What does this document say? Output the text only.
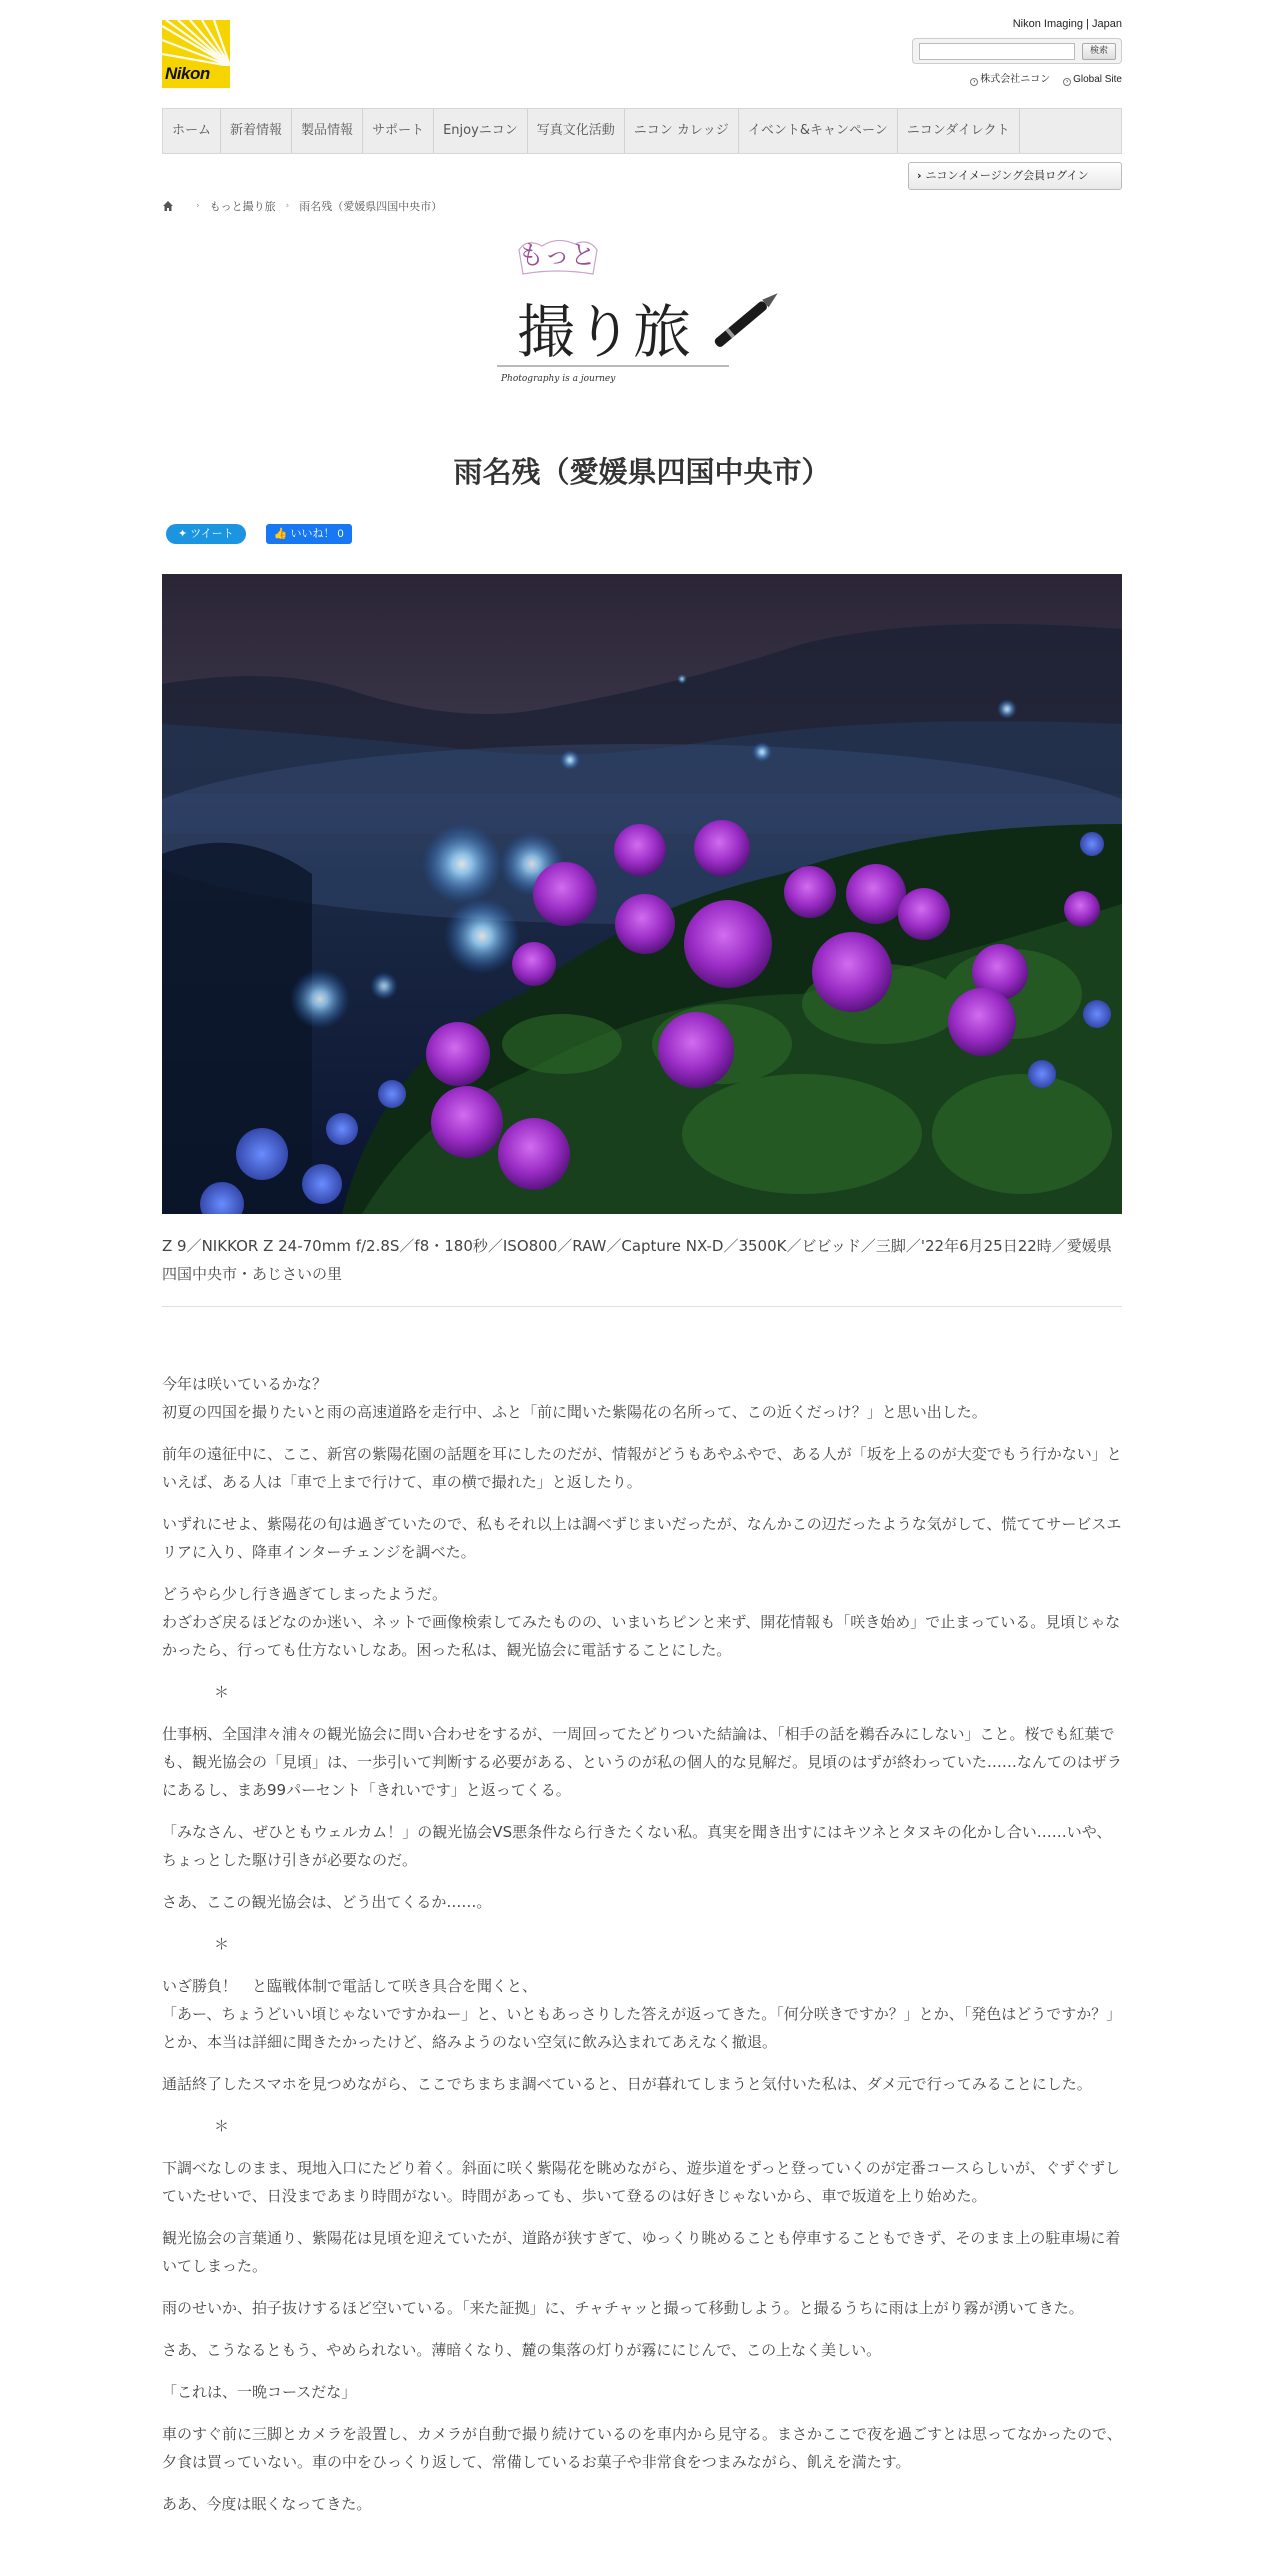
Nikon
Nikon Imaging | Japan
検索
› 株式会社ニコン	› Global Site
ホーム	新着情報	製品情報	サポート	Enjoyニコン	写真文化活動	ニコン カレッジ	イベント&キャンペーン	ニコンダイレクト
› ニコンイメージング会員ログイン
› もっと撮り旅 › 雨名残（愛媛県四国中央市）
もっと
撮り旅
Photography is a journey
雨名残（愛媛県四国中央市）
✦ ツイート	👍 いいね！ 0
Z 9／NIKKOR Z 24-70mm f/2.8S／f8・180秒／ISO800／RAW／Capture NX-D／3500K／ビビッド／三脚／'22年6月25日22時／愛媛県四国中央市・あじさいの里

今年は咲いているかな？
初夏の四国を撮りたいと雨の高速道路を走行中、ふと「前に聞いた紫陽花の名所って、この近くだっけ？」と思い出した。

前年の遠征中に、ここ、新宮の紫陽花園の話題を耳にしたのだが、情報がどうもあやふやで、ある人が「坂を上るのが大変でもう行かない」といえば、ある人は「車で上まで行けて、車の横で撮れた」と返したり。

いずれにせよ、紫陽花の旬は過ぎていたので、私もそれ以上は調べずじまいだったが、なんかこの辺だったような気がして、慌ててサービスエリアに入り、降車インターチェンジを調べた。

どうやら少し行き過ぎてしまったようだ。
わざわざ戻るほどなのか迷い、ネットで画像検索してみたものの、いまいちピンと来ず、開花情報も「咲き始め」で止まっている。見頃じゃなかったら、行っても仕方ないしなあ。困った私は、観光協会に電話することにした。

＊

仕事柄、全国津々浦々の観光協会に問い合わせをするが、一周回ってたどりついた結論は、「相手の話を鵜呑みにしない」こと。桜でも紅葉でも、観光協会の「見頃」は、一歩引いて判断する必要がある、というのが私の個人的な見解だ。見頃のはずが終わっていた……なんてのはザラにあるし、まあ99パーセント「きれいです」と返ってくる。

「みなさん、ぜひともウェルカム！」の観光協会VS悪条件なら行きたくない私。真実を聞き出すにはキツネとタヌキの化かし合い……いや、ちょっとした駆け引きが必要なのだ。

さあ、ここの観光協会は、どう出てくるか……。

＊

いざ勝負！　と臨戦体制で電話して咲き具合を聞くと、
「あー、ちょうどいい頃じゃないですかねー」と、いともあっさりした答えが返ってきた。「何分咲きですか？」とか、「発色はどうですか？」とか、本当は詳細に聞きたかったけど、絡みようのない空気に飲み込まれてあえなく撤退。

通話終了したスマホを見つめながら、ここでちまちま調べていると、日が暮れてしまうと気付いた私は、ダメ元で行ってみることにした。

＊

下調べなしのまま、現地入口にたどり着く。斜面に咲く紫陽花を眺めながら、遊歩道をずっと登っていくのが定番コースらしいが、ぐずぐずしていたせいで、日没まであまり時間がない。時間があっても、歩いて登るのは好きじゃないから、車で坂道を上り始めた。

観光協会の言葉通り、紫陽花は見頃を迎えていたが、道路が狭すぎて、ゆっくり眺めることも停車することもできず、そのまま上の駐車場に着いてしまった。

雨のせいか、拍子抜けするほど空いている。「来た証拠」に、チャチャッと撮って移動しよう。と撮るうちに雨は上がり霧が湧いてきた。

さあ、こうなるともう、やめられない。薄暗くなり、麓の集落の灯りが霧ににじんで、この上なく美しい。

「これは、一晩コースだな」

車のすぐ前に三脚とカメラを設置し、カメラが自動で撮り続けているのを車内から見守る。まさかここで夜を過ごすとは思ってなかったので、夕食は買っていない。車の中をひっくり返して、常備しているお菓子や非常食をつまみながら、飢えを満たす。

ああ、今度は眠くなってきた。
